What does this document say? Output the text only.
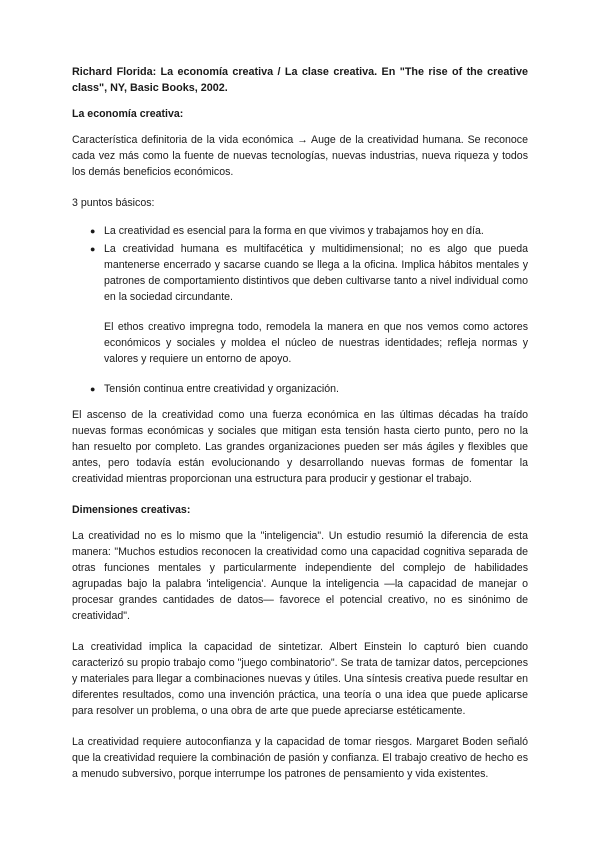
Richard Florida: La economía creativa / La clase creativa. En "The rise of the creative class", NY, Basic Books, 2002.

La economía creativa:

Característica definitoria de la vida económica → Auge de la creatividad humana. Se reconoce cada vez más como la fuente de nuevas tecnologías, nuevas industrias, nueva riqueza y todos los demás beneficios económicos.

3 puntos básicos:

● La creatividad es esencial para la forma en que vivimos y trabajamos hoy en día.

● La creatividad humana es multifacética y multidimensional; no es algo que pueda mantenerse encerrado y sacarse cuando se llega a la oficina. Implica hábitos mentales y patrones de comportamiento distintivos que deben cultivarse tanto a nivel individual como en la sociedad circundante.

El ethos creativo impregna todo, remodela la manera en que nos vemos como actores económicos y sociales y moldea el núcleo de nuestras identidades; refleja normas y valores y requiere un entorno de apoyo.

● Tensión continua entre creatividad y organización.

El ascenso de la creatividad como una fuerza económica en las últimas décadas ha traído nuevas formas económicas y sociales que mitigan esta tensión hasta cierto punto, pero no la han resuelto por completo. Las grandes organizaciones pueden ser más ágiles y flexibles que antes, pero todavía están evolucionando y desarrollando nuevas formas de fomentar la creatividad mientras proporcionan una estructura para producir y gestionar el trabajo.

Dimensiones creativas:

La creatividad no es lo mismo que la "inteligencia". Un estudio resumió la diferencia de esta manera: "Muchos estudios reconocen la creatividad como una capacidad cognitiva separada de otras funciones mentales y particularmente independiente del complejo de habilidades agrupadas bajo la palabra 'inteligencia'. Aunque la inteligencia —la capacidad de manejar o procesar grandes cantidades de datos— favorece el potencial creativo, no es sinónimo de creatividad".

La creatividad implica la capacidad de sintetizar. Albert Einstein lo capturó bien cuando caracterizó su propio trabajo como "juego combinatorio". Se trata de tamizar datos, percepciones y materiales para llegar a combinaciones nuevas y útiles. Una síntesis creativa puede resultar en diferentes resultados, como una invención práctica, una teoría o una idea que puede aplicarse para resolver un problema, o una obra de arte que puede apreciarse estéticamente.

La creatividad requiere autoconfianza y la capacidad de tomar riesgos. Margaret Boden señaló que la creatividad requiere la combinación de pasión y confianza. El trabajo creativo de hecho es a menudo subversivo, porque interrumpe los patrones de pensamiento y vida existentes.
